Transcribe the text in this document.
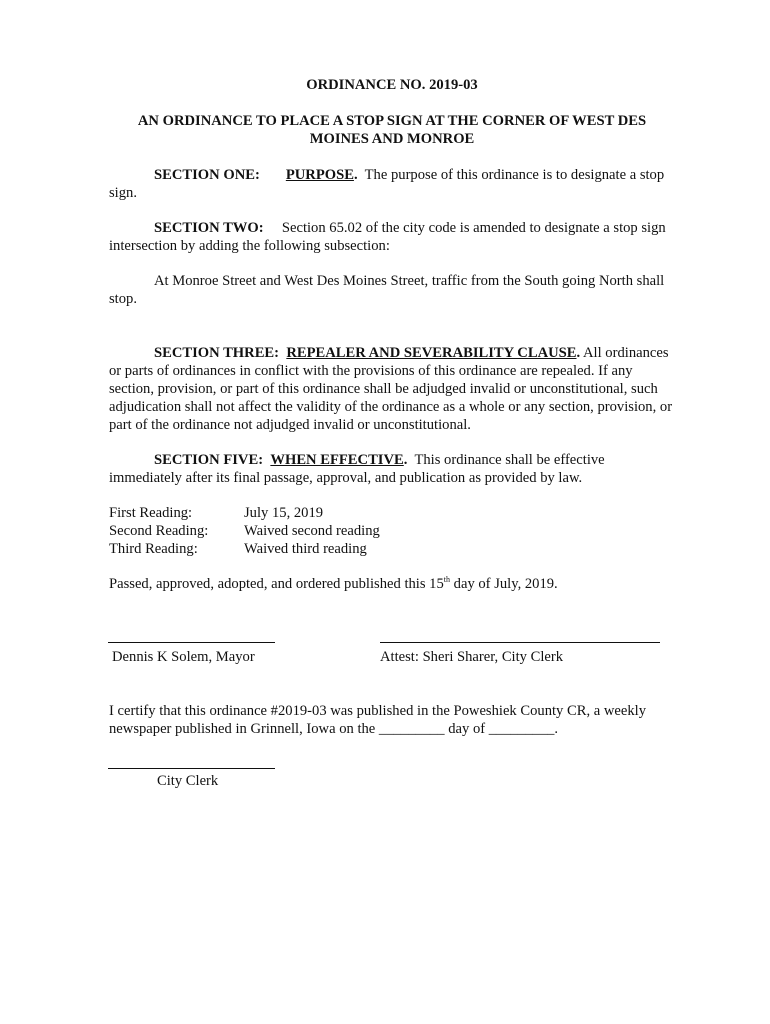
ORDINANCE NO. 2019-03
AN ORDINANCE TO PLACE A STOP SIGN AT THE CORNER OF WEST DES
MOINES AND MONROE

SECTION ONE: PURPOSE. The purpose of this ordinance is to designate a stop sign.

SECTION TWO: Section 65.02 of the city code is amended to designate a stop sign intersection by adding the following subsection:

At Monroe Street and West Des Moines Street, traffic from the South going North shall stop.

SECTION THREE: REPEALER AND SEVERABILITY CLAUSE. All ordinances or parts of ordinances in conflict with the provisions of this ordinance are repealed. If any section, provision, or part of this ordinance shall be adjudged invalid or unconstitutional, such adjudication shall not affect the validity of the ordinance as a whole or any section, provision, or part of the ordinance not adjudged invalid or unconstitutional.

SECTION FIVE: WHEN EFFECTIVE. This ordinance shall be effective immediately after its final passage, approval, and publication as provided by law.

First Reading:	July 15, 2019
Second Reading: Waived second reading
Third Reading:	Waived third reading

Passed, approved, adopted, and ordered published this 15th day of July, 2019.

Dennis K Solem, Mayor	Attest: Sheri Sharer, City Clerk

I certify that this ordinance #2019-03 was published in the Poweshiek County CR, a weekly newspaper published in Grinnell, Iowa on the _________ day of _________.

City Clerk
